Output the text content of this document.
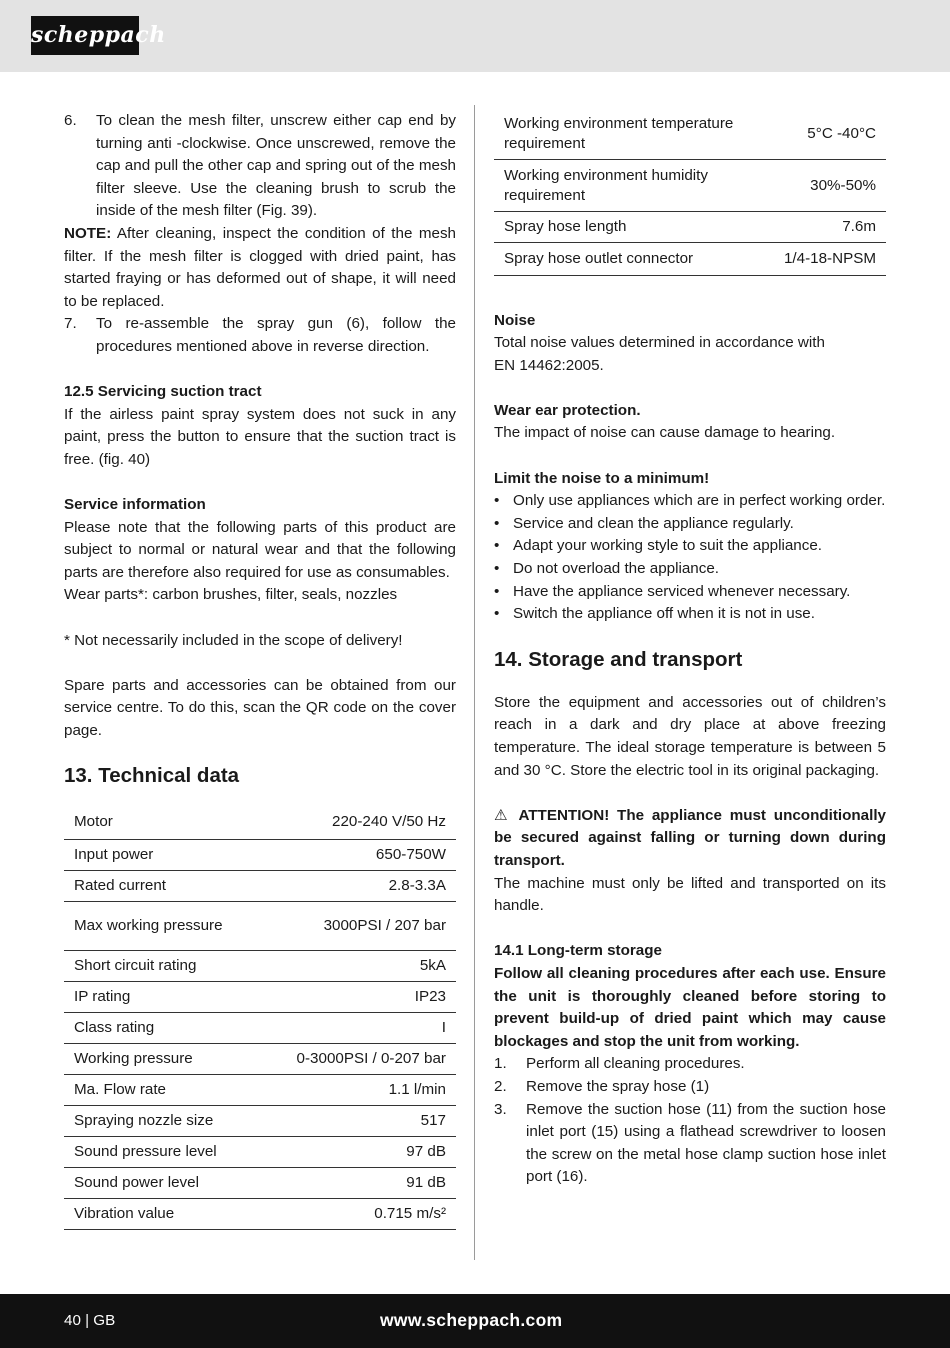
scheppach
6.	To clean the mesh filter, unscrew either cap end by turning anti -clockwise. Once unscrewed, remove the cap and pull the other cap and spring out of the mesh filter sleeve. Use the cleaning brush to scrub the inside of the mesh filter (Fig. 39).

NOTE: After cleaning, inspect the condition of the mesh filter. If the mesh filter is clogged with dried paint, has started fraying or has deformed out of shape, it will need to be replaced.

7.	To re-assemble the spray gun (6), follow the procedures mentioned above in reverse direction.

12.5 Servicing suction tract

If the airless paint spray system does not suck in any paint, press the button to ensure that the suction tract is free. (fig. 40)

Service information

Please note that the following parts of this product are subject to normal or natural wear and that the following parts are therefore also required for use as consumables.

Wear parts*: carbon brushes, filter, seals, nozzles

* Not necessarily included in the scope of delivery!

Spare parts and accessories can be obtained from our service centre. To do this, scan the QR code on the cover page.

13. Technical data
Motor	220-240 V/50 Hz
Input power	650-750W
Rated current	2.8-3.3A
Max working pressure	3000PSI / 207 bar
Short circuit rating	5kA
IP rating	IP23
Class rating	I
Working pressure	0-3000PSI / 0-207 bar
Ma. Flow rate	1.1 l/min
Spraying nozzle size	517
Sound pressure level	97 dB
Sound power level	91 dB
Vibration value	0.715 m/s²
Working environment temperature requirement	5°C -40°C
Working environment humidity requirement	30%-50%
Spray hose length	7.6m
Spray hose outlet connector	1/4-18-NPSM

Noise

Total noise values determined in accordance with

EN 14462:2005.

Wear ear protection.

The impact of noise can cause damage to hearing.

Limit the noise to a minimum!

• Only use appliances which are in perfect working order.
• Service and clean the appliance regularly.
• Adapt your working style to suit the appliance.
• Do not overload the appliance.
• Have the appliance serviced whenever necessary.
• Switch the appliance off when it is not in use.
14. Storage and transport

Store the equipment and accessories out of children’s reach in a dark and dry place at above freezing temperature. The ideal storage temperature is between 5 and 30 °C. Store the electric tool in its original packaging.

⚠ ATTENTION! The appliance must unconditionally be secured against falling or turning down during transport.

The machine must only be lifted and transported on its handle.

14.1 Long-term storage

Follow all cleaning procedures after each use. Ensure the unit is thoroughly cleaned before storing to prevent build-up of dried paint which may cause blockages and stop the unit from working.

1.	Perform all cleaning procedures.
2.	Remove the spray hose (1)
3.	Remove the suction hose (11) from the suction hose inlet port (15) using a flathead screwdriver to loosen the screw on the metal hose clamp suction hose inlet port (16).
40 | GB	www.scheppach.com
